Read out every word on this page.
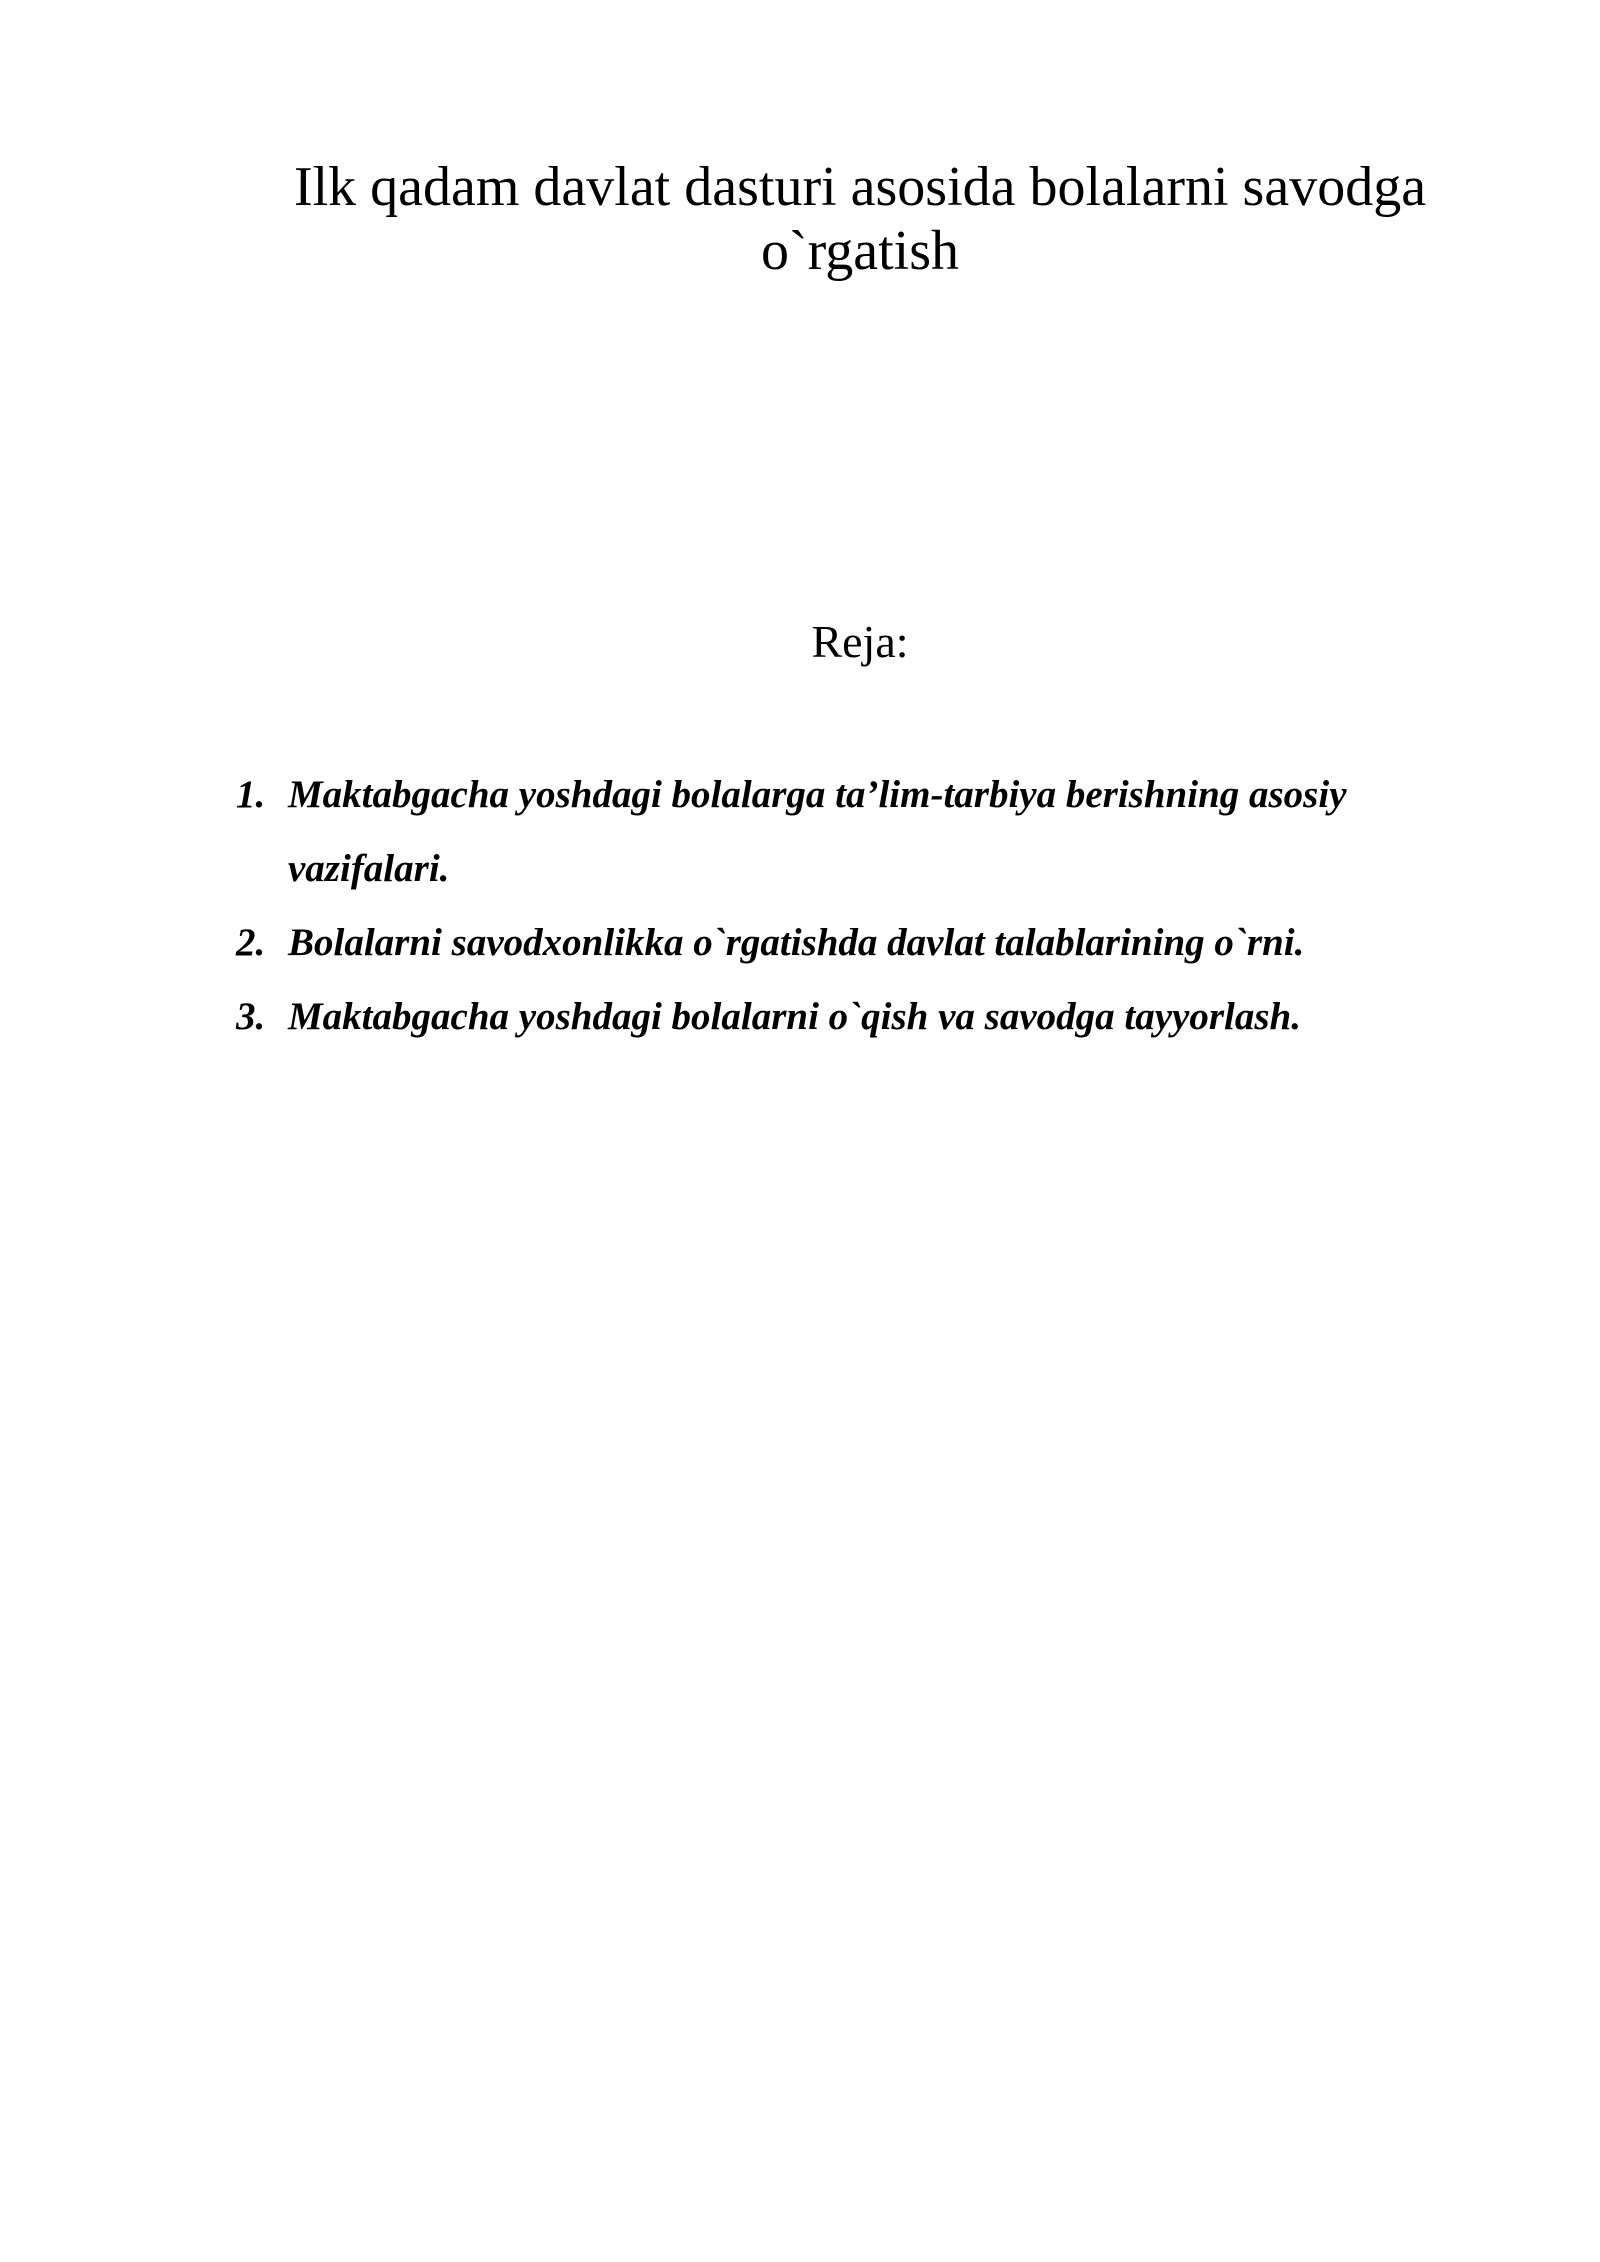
Ilk qadam davlat dasturi asosida bolalarni savodga
o`rgatish
Reja:
1. Maktabgacha yoshdagi bolalarga ta’lim-tarbiya berishning asosiy vazifalari.
2. Bolalarni savodxonlikka o`rgatishda davlat talablarining o`rni.
3. Maktabgacha yoshdagi bolalarni o`qish va savodga tayyorlash.
